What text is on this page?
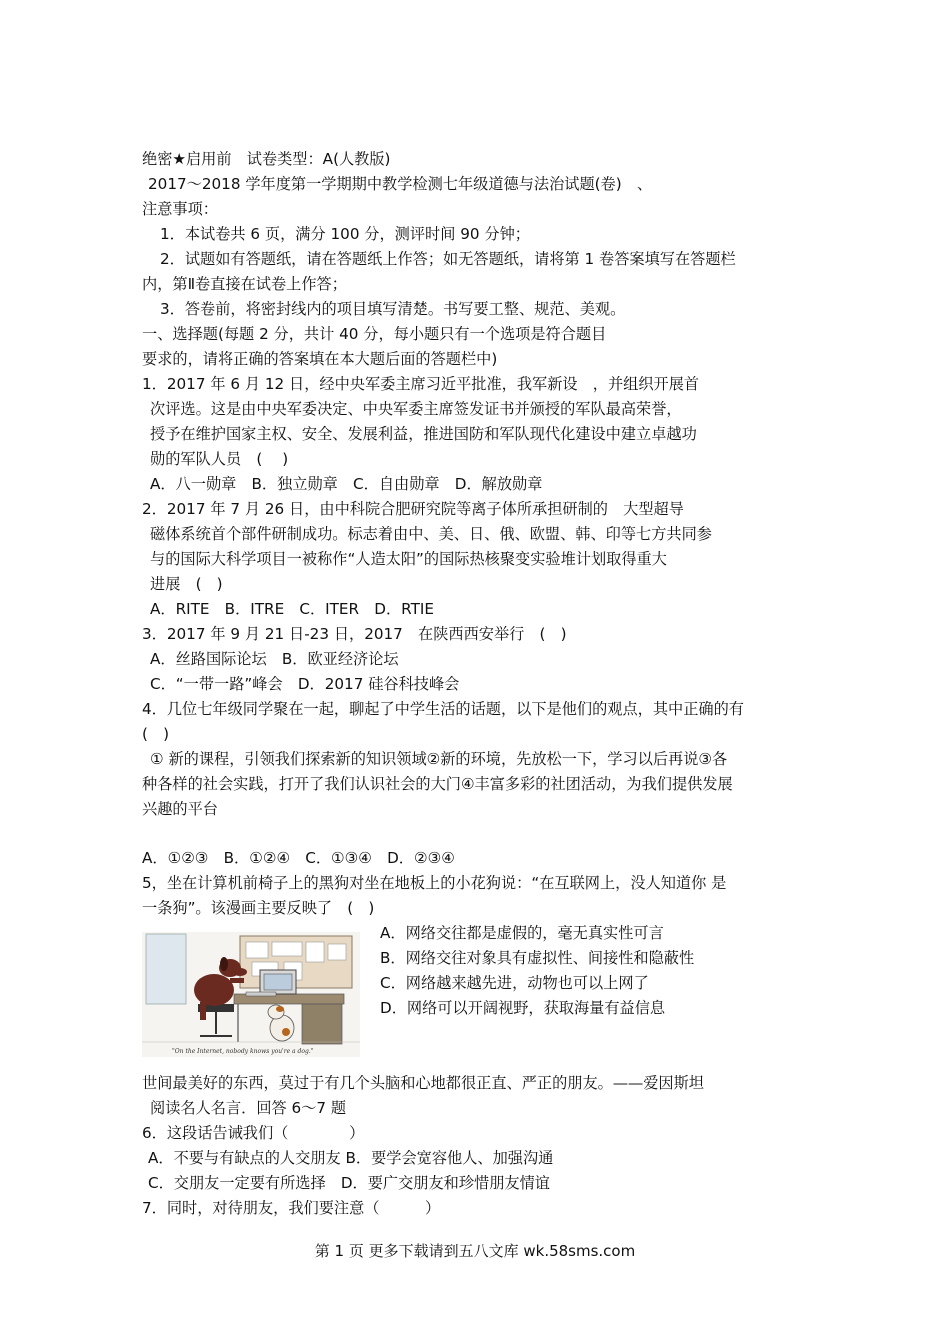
绝密★启用前　试卷类型：A(人教版)
2017～2018 学年度第一学期期中教学检测七年级道德与法治试题(卷)　、
注意事项：
1．本试卷共 6 页，满分 100 分，测评时间 90 分钟；
2．试题如有答题纸，请在答题纸上作答；如无答题纸，请将第 1 卷答案填写在答题栏
内，第Ⅱ卷直接在试卷上作答；
3．答卷前，将密封线内的项目填写清楚。书写要工整、规范、美观。
一、选择题(每题 2 分，共计 40 分，每小题只有一个选项是符合题目
要求的，请将正确的答案填在本大题后面的答题栏中)
1．2017 年 6 月 12 日，经中央军委主席习近平批准，我军新设　，并组织开展首
次评选。这是由中央军委决定、中央军委主席签发证书并颁授的军队最高荣誉，
授予在维护国家主权、安全、发展利益，推进国防和军队现代化建设中建立卓越功
勋的军队人员　(　 )
A．八一勋章　B．独立勋章　C．自由勋章　D．解放勋章
2．2017 年 7 月 26 日，由中科院合肥研究院等离子体所承担研制的　大型超导
磁体系统首个部件研制成功。标志着由中、美、日、俄、欧盟、韩、印等七方共同参
与的国际大科学项目一被称作“人造太阳”的国际热核聚变实验堆计划取得重大
进展　(　)
A．RITE　B．ITRE　C．ITER　D．RTIE
3．2017 年 9 月 21 日-23 日，2017　在陕西西安举行　(　)
A．丝路国际论坛　B．欧亚经济论坛
C．“一带一路”峰会　D．2017 硅谷科技峰会
4．几位七年级同学聚在一起，聊起了中学生活的话题，以下是他们的观点，其中正确的有
(　)
① 新的课程，引领我们探索新的知识领域②新的环境，先放松一下，学习以后再说③各
种各样的社会实践，打开了我们认识社会的大门④丰富多彩的社团活动，为我们提供发展
兴趣的平台
A．①②③　B．①②④　C．①③④　D．②③④
5，坐在计算机前椅子上的黑狗对坐在地板上的小花狗说：“在互联网上，没人知道你 是
一条狗”。该漫画主要反映了　(　)
"On the Internet, nobody knows you're a dog."
A．网络交往都是虚假的，毫无真实性可言
B．网络交往对象具有虚拟性、间接性和隐蔽性
C．网络越来越先进，动物也可以上网了
D．网络可以开阔视野，获取海量有益信息
世间最美好的东西，莫过于有几个头脑和心地都很正直、严正的朋友。——爱因斯坦
阅读名人名言．回答 6～7 题
6．这段话告诫我们（　　　　）
A．不要与有缺点的人交朋友 B．要学会宽容他人、加强沟通
C．交朋友一定要有所选择　D．要广交朋友和珍惜朋友情谊
7．同时，对待朋友，我们要注意（　　　）
第 1 页 更多下载请到五八文库 wk.58sms.com
